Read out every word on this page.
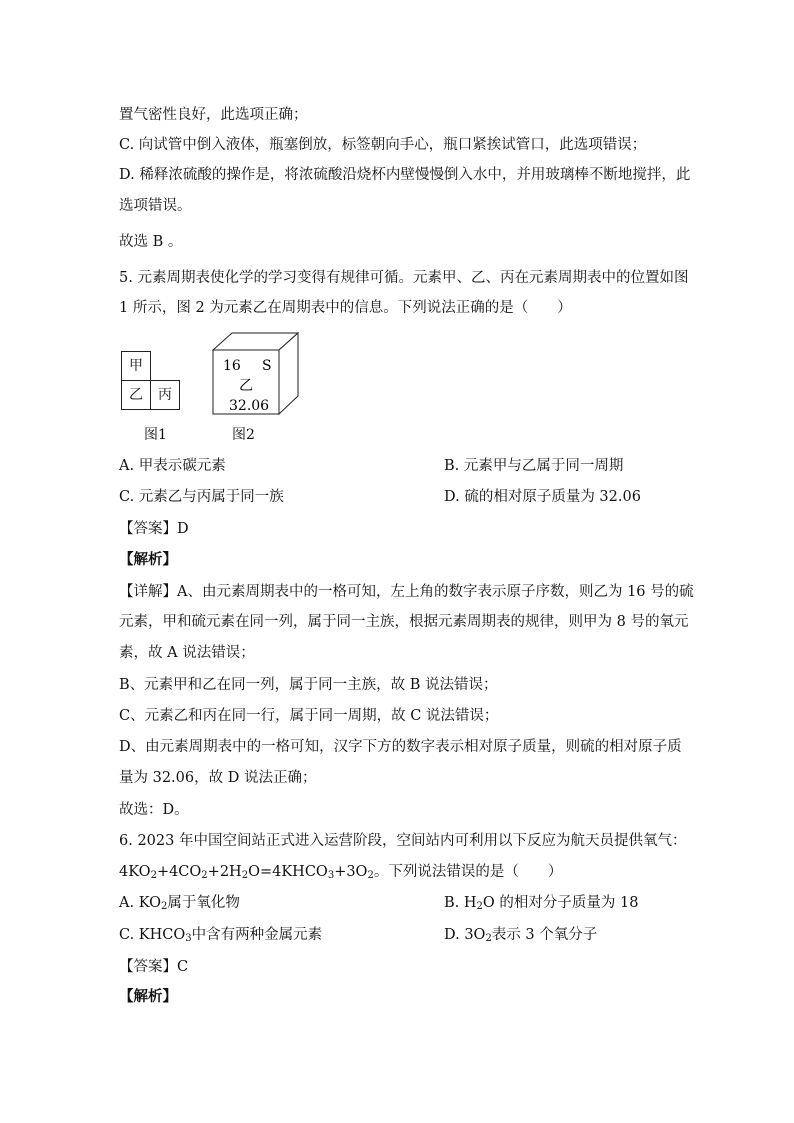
置气密性良好，此选项正确；
C. 向试管中倒入液体，瓶塞倒放，标签朝向手心，瓶口紧挨试管口，此选项错误；
D. 稀释浓硫酸的操作是，将浓硫酸沿烧杯内壁慢慢倒入水中，并用玻璃棒不断地搅拌，此
选项错误。
故选 B 。
5. 元素周期表使化学的学习变得有规律可循。元素甲、乙、丙在元素周期表中的位置如图
1 所示，图 2 为元素乙在周期表中的信息。下列说法正确的是（　　）
甲
乙	丙
图1
16 S
乙
32.06
图2
A. 甲表示碳元素	B. 元素甲与乙属于同一周期
C. 元素乙与丙属于同一族	D. 硫的相对原子质量为 32.06
【答案】D
【解析】
【详解】A、由元素周期表中的一格可知，左上角的数字表示原子序数，则乙为 16 号的硫
元素，甲和硫元素在同一列，属于同一主族，根据元素周期表的规律，则甲为 8 号的氧元
素，故 A 说法错误；
B、元素甲和乙在同一列，属于同一主族，故 B 说法错误；
C、元素乙和丙在同一行，属于同一周期，故 C 说法错误；
D、由元素周期表中的一格可知，汉字下方的数字表示相对原子质量，则硫的相对原子质
量为 32.06，故 D 说法正确；
故选：D。
6. 2023 年中国空间站正式进入运营阶段，空间站内可利用以下反应为航天员提供氧气：
$4KO_2+4CO_2+2H_2O=4KHCO_3+3O_2$。下列说法错误的是（　　）
A. $KO_2$属于氧化物	B. $H_2O$ 的相对分子质量为 18
C. $KHCO_3$中含有两种金属元素	D. $3O_2$表示 3 个氧分子
【答案】C
【解析】
